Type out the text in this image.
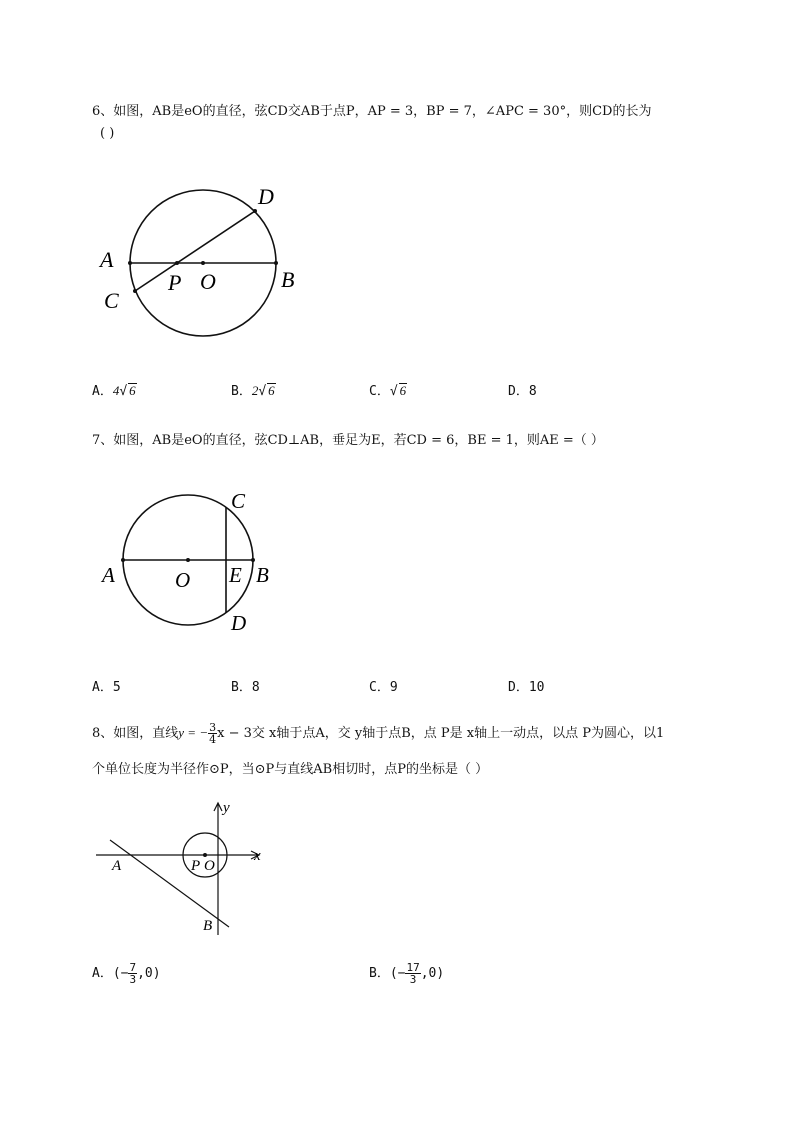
6、如图，AB是eO的直径，弦CD交AB于点P，AP = 3，BP = 7，∠APC = 30°，则CD的长为
( )
A
B
C
D
P O
A	B
C
D
E
O
x
y
A
B
P O
A．4√ 6	B．2√ 6	C．√ 6	D．8
7、如图，AB是eO的直径，弦CD⊥AB，垂足为E，若CD = 6，BE = 1，则AE =（ ）
A．5	B．8	C．9	D．10
8、如图，直线y = − $\frac{3}{4}$ x − 3交 x轴于点A，交 y轴于点B，点 P是 x轴上一动点，以点 P为圆心，以1
个单位长度为半径作⊙P，当⊙P与直线AB相切时，点P的坐标是（ ）
A．(− $\frac{7}{3} ,0$)	B．(− $\frac{17}{3} ,0$)
